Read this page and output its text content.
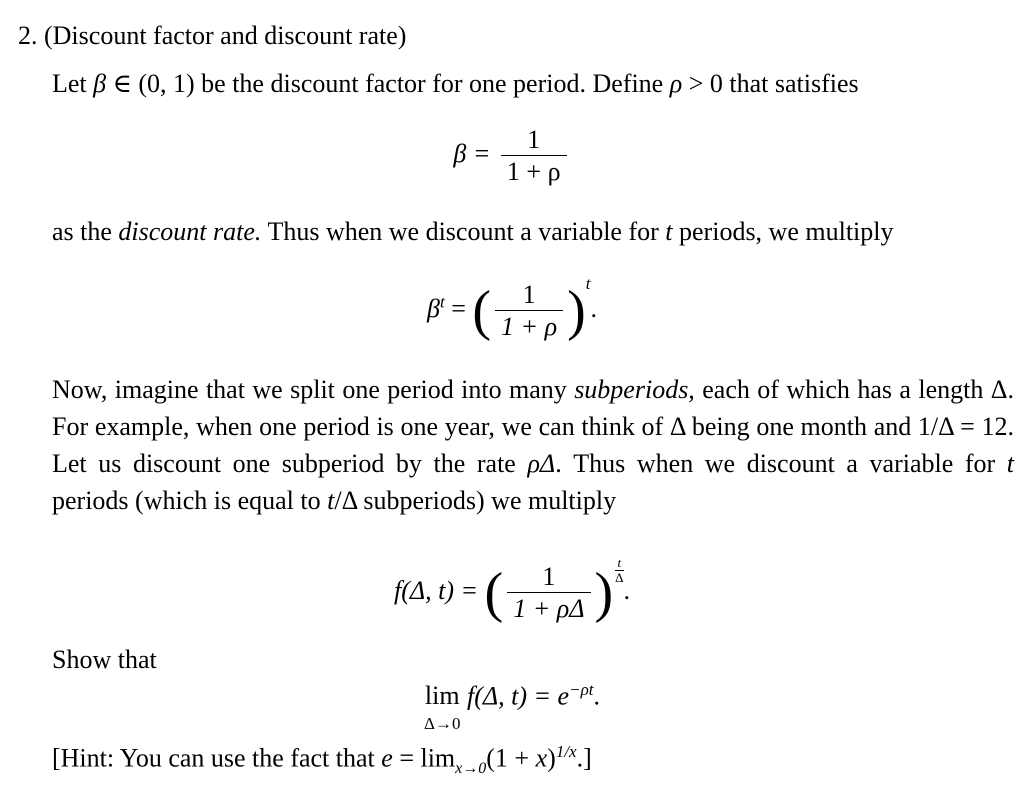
2. (Discount factor and discount rate)
Let β ∈ (0, 1) be the discount factor for one period. Define ρ > 0 that satisfies
$\beta = \frac{1}{1 + \rho}$
as the discount rate. Thus when we discount a variable for t periods, we multiply
$\beta^t$ = ( $\frac{1}{1 + \rho} )^t$.
Now, imagine that we split one period into many subperiods, each of which has a length Δ. For example, when one period is one year, we can think of Δ being one month and 1/Δ = 12. Let us discount one subperiod by the rate ρΔ. Thus when we discount a variable for t periods (which is equal to t/Δ subperiods) we multiply
f(Δ, t) = ( $\frac{1}{1 + \rho\Delta}$ ) $\frac{t}{\Delta}$
.
Show that
lim
Δ→0
f(Δ, $t) = e^{-\rho t}$.
[Hint: You can use the fact that $e = \lim_{x\to 0}(1 + x)^{1/x}$.]
